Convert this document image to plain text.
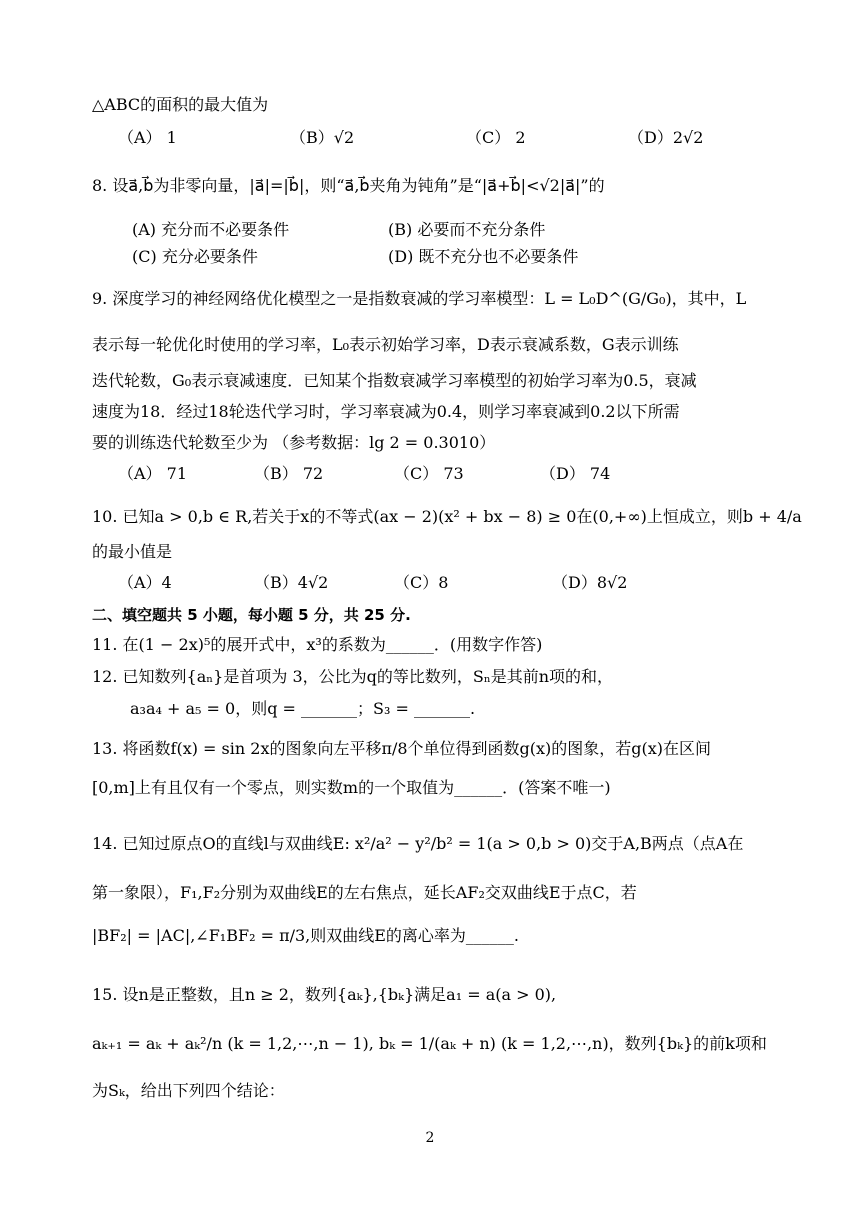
△ABC的面积的最大值为
（A） 1	（B）√2	（C） 2	（D）2√2
8. 设a⃗,b⃗为非零向量，|a⃗|=|b⃗|，则“a⃗,b⃗夹角为钝角”是“|a⃗+b⃗|<√2|a⃗|”的
(A) 充分而不必要条件	(B) 必要而不充分条件
(C) 充分必要条件	(D) 既不充分也不必要条件
9. 深度学习的神经网络优化模型之一是指数衰减的学习率模型：L = L₀D^(G/G₀)，其中，L
表示每一轮优化时使用的学习率，L₀表示初始学习率，D表示衰减系数，G表示训练
迭代轮数，G₀表示衰减速度．已知某个指数衰减学习率模型的初始学习率为0.5，衰减
速度为18．经过18轮迭代学习时，学习率衰减为0.4，则学习率衰减到0.2以下所需
要的训练迭代轮数至少为 （参考数据：lg 2 = 0.3010）
（A） 71	（B） 72	（C） 73	（D） 74
10. 已知a > 0,b ∈ R,若关于x的不等式(ax − 2)(x² + bx − 8) ≥ 0在(0,+∞)上恒成立，则b + 4/a
的最小值是
（A）4	（B）4√2	（C）8	（D）8√2
二、填空题共 5 小题，每小题 5 分，共 25 分.
11. 在(1 − 2x)⁵的展开式中，x³的系数为______．(用数字作答)
12. 已知数列{aₙ}是首项为 3，公比为q的等比数列，Sₙ是其前n项的和，
a₃a₄ + a₅ = 0，则q = _______；S₃ = _______.
13. 将函数f(x) = sin 2x的图象向左平移π/8个单位得到函数g(x)的图象，若g(x)在区间
[0,m]上有且仅有一个零点，则实数m的一个取值为______．(答案不唯一)
14. 已知过原点O的直线l与双曲线E: x²/a² − y²/b² = 1(a > 0,b > 0)交于A,B两点（点A在
第一象限），F₁,F₂分别为双曲线E的左右焦点，延长AF₂交双曲线E于点C，若
|BF₂| = |AC|,∠F₁BF₂ = π/3,则双曲线E的离心率为______.
15. 设n是正整数，且n ≥ 2，数列{aₖ},{bₖ}满足a₁ = a(a > 0),
aₖ₊₁ = aₖ + aₖ²/n (k = 1,2,⋯,n − 1), bₖ = 1/(aₖ + n) (k = 1,2,⋯,n)，数列{bₖ}的前k项和
为Sₖ，给出下列四个结论：
2
